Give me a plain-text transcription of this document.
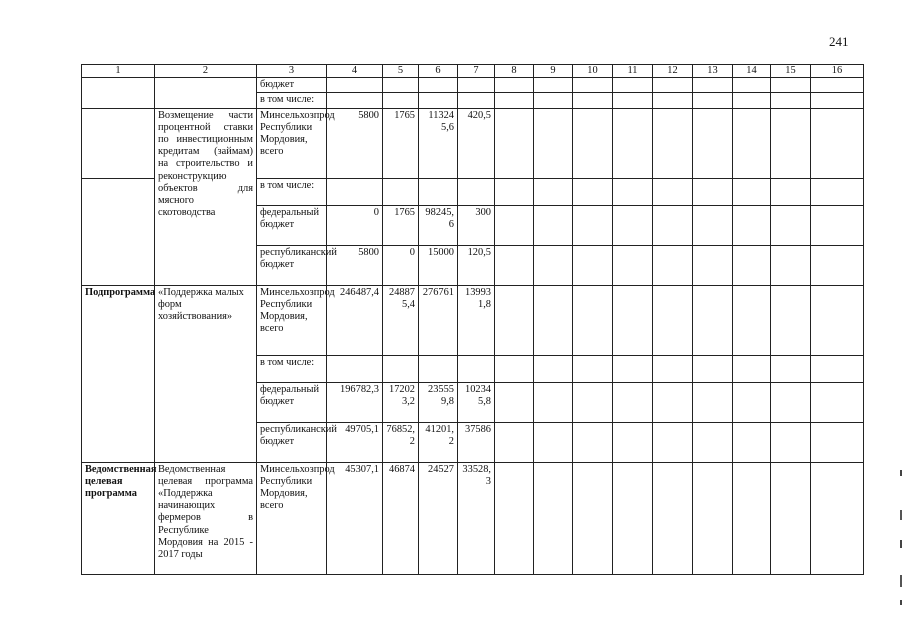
241
1	2	3	4	5	6	7	8	9	10	11	12	13	14	15	16	
		бюджет														
		в том числе:														
	Возмещение части процентной ставки по инвестиционным кредитам (займам) на строительство и реконструкцию объектов для мясного скотоводства	Минсельхозпрод Республики Мордовия, всего	5800	1765	113245,6	420,5										
		в том числе:														
		федеральный бюджет	0	1765	98245,6	300										
		республиканский бюджет	5800	0	15000	120,5										
Подпрограмма	«Поддержка малых форм хозяйствования»	Минсельхозпрод Республики Мордовия, всего	246487,4	248875,4	276761	139931,8										
		в том числе:														
		федеральный бюджет	196782,3	172023,2	235559,8	102345,8										
		республиканский бюджет	49705,1	76852,2	41201,2	37586										
Ведомственная целевая программа	Ведомственная целевая программа «Поддержка начинающих фермеров в Республике Мордовия на 2015 - 2017 годы	Минсельхозпрод Республики Мордовия, всего	45307,1	46874	24527	33528,3										
